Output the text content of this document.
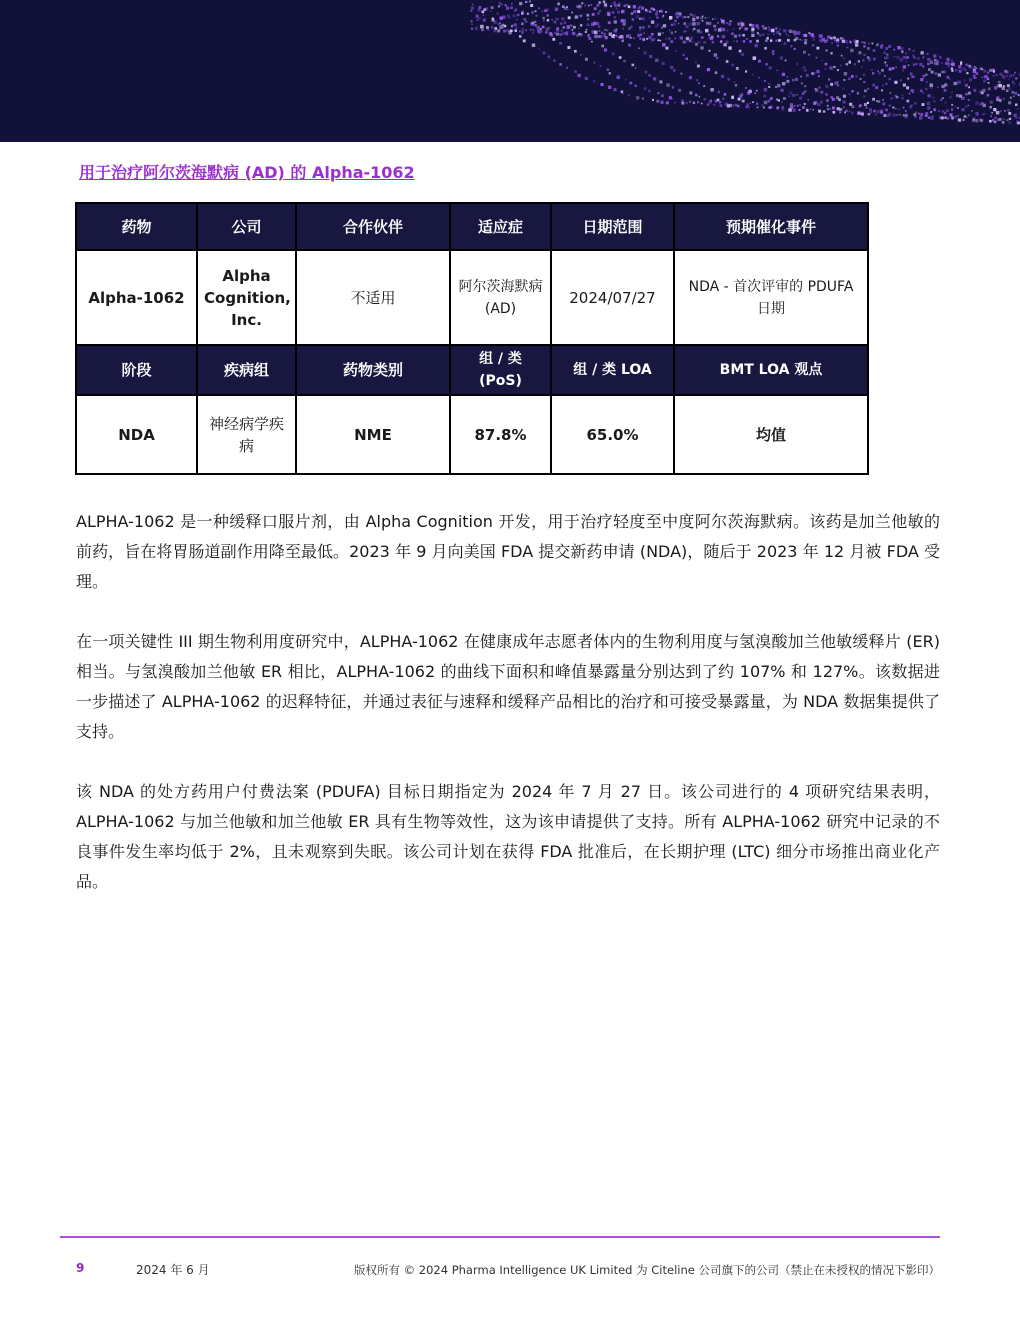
用于治疗阿尔茨海默病 (AD) 的 Alpha-1062
药物	公司	合作伙伴	适应症	日期范围	预期催化事件
Alpha-1062	Alpha Cognition, Inc.	不适用	阿尔茨海默病 (AD)	2024/07/27	NDA - 首次评审的 PDUFA 日期
阶段	疾病组	药物类别	组 / 类 (PoS)	组 / 类 LOA	BMT LOA 观点
NDA	神经病学疾病	NME	87.8%	65.0%	均值

ALPHA-1062 是一种缓释口服片剂，由 Alpha Cognition 开发，用于治疗轻度至中度阿尔茨海默病。该药是加兰他敏的前药，旨在将胃肠道副作用降至最低。2023 年 9 月向美国 FDA 提交新药申请 (NDA)，随后于 2023 年 12 月被 FDA 受理。

在一项关键性 III 期生物利用度研究中，ALPHA-1062 在健康成年志愿者体内的生物利用度与氢溴酸加兰他敏缓释片 (ER) 相当。与氢溴酸加兰他敏 ER 相比，ALPHA-1062 的曲线下面积和峰值暴露量分别达到了约 107% 和 127%。该数据进一步描述了 ALPHA-1062 的迟释特征，并通过表征与速释和缓释产品相比的治疗和可接受暴露量，为 NDA 数据集提供了支持。

该 NDA 的处方药用户付费法案 (PDUFA) 目标日期指定为 2024 年 7 月 27 日。该公司进行的 4 项研究结果表明，ALPHA-1062 与加兰他敏和加兰他敏 ER 具有生物等效性，这为该申请提供了支持。所有 ALPHA-1062 研究中记录的不良事件发生率均低于 2%，且未观察到失眠。该公司计划在获得 FDA 批准后，在长期护理 (LTC) 细分市场推出商业化产品。

9	2024 年 6 月	版权所有 © 2024 Pharma Intelligence UK Limited 为 Citeline 公司旗下的公司（禁止在未授权的情况下影印）
